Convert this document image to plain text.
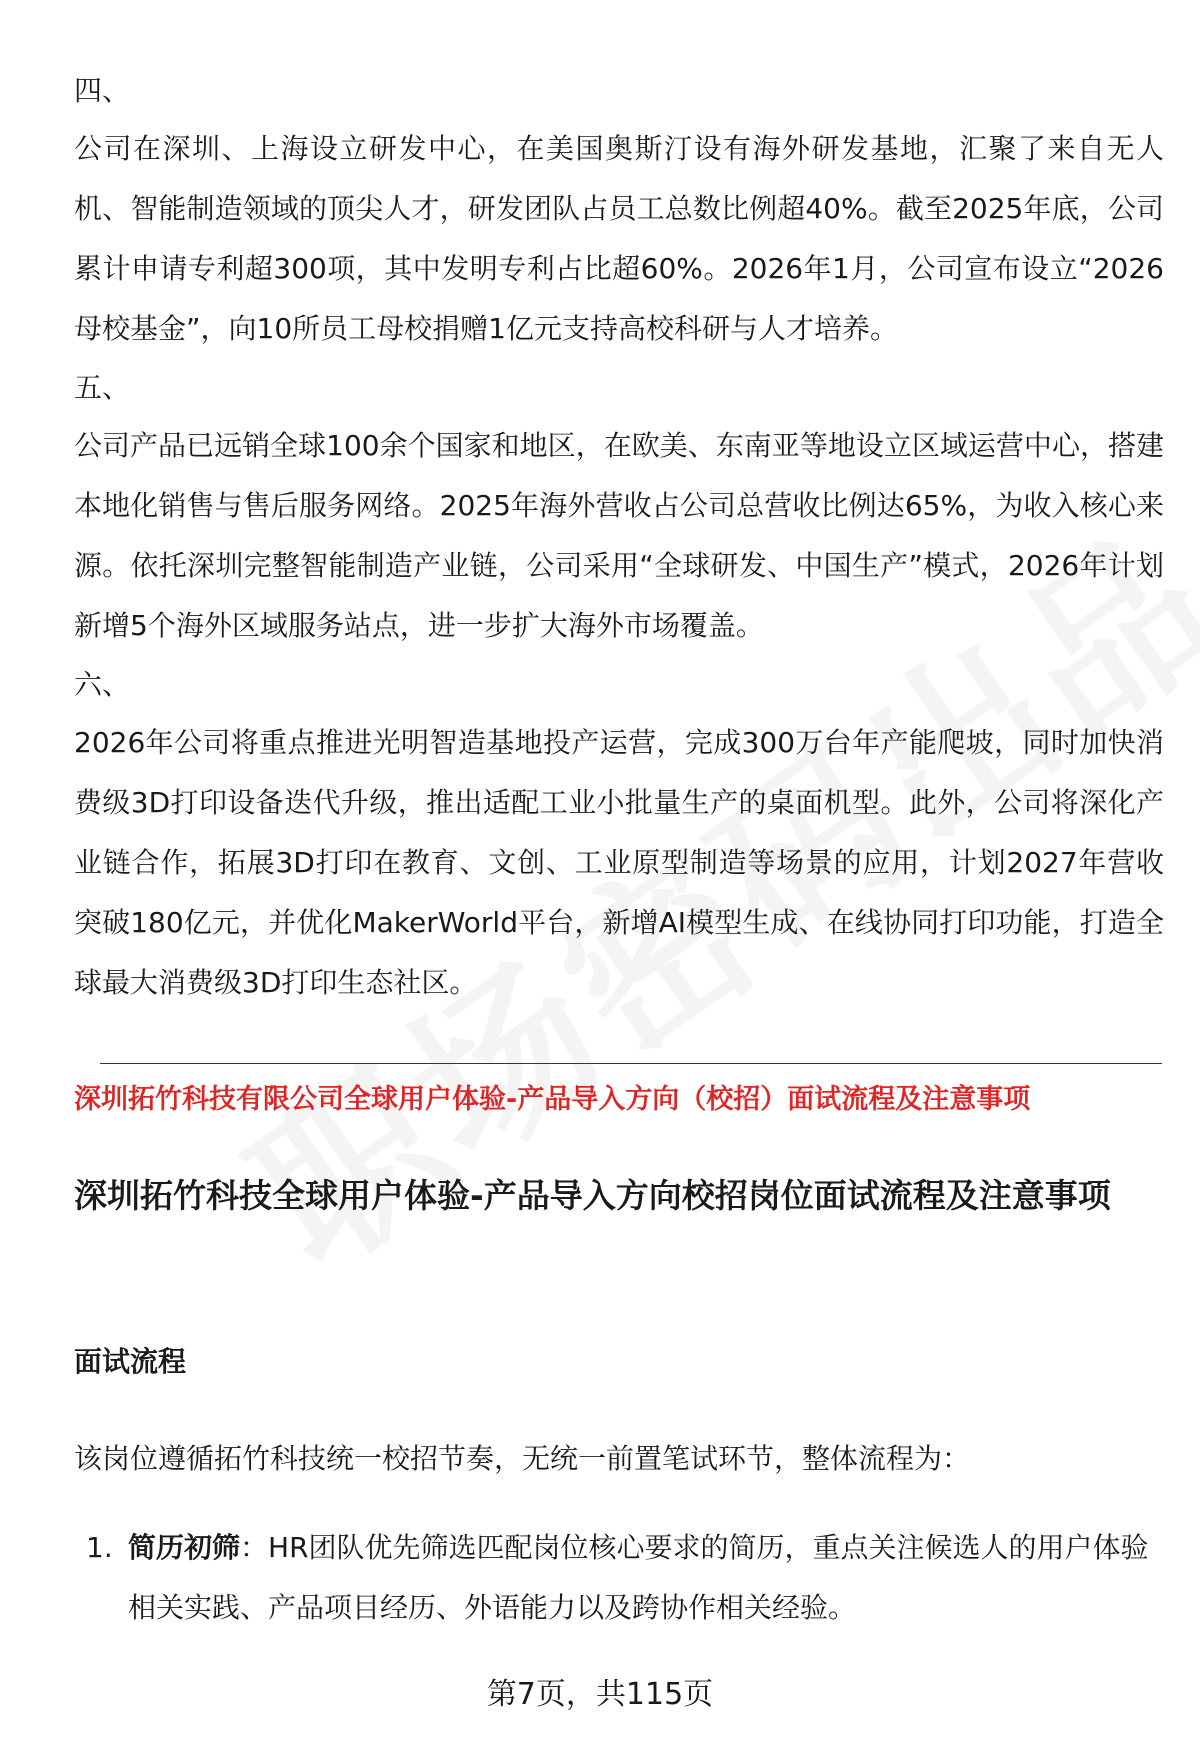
四、

公司在深圳、上海设立研发中心，在美国奥斯汀设有海外研发基地，汇聚了来自无人机、智能制造领域的顶尖人才，研发团队占员工总数比例超40%。截至2025年底，公司累计申请专利超300项，其中发明专利占比超60%。2026年1月，公司宣布设立“2026母校基金”，向10所员工母校捐赠1亿元支持高校科研与人才培养。

五、

公司产品已远销全球100余个国家和地区，在欧美、东南亚等地设立区域运营中心，搭建本地化销售与售后服务网络。2025年海外营收占公司总营收比例达65%，为收入核心来源。依托深圳完整智能制造产业链，公司采用“全球研发、中国生产”模式，2026年计划新增5个海外区域服务站点，进一步扩大海外市场覆盖。

六、

2026年公司将重点推进光明智造基地投产运营，完成300万台年产能爬坡，同时加快消费级3D打印设备迭代升级，推出适配工业小批量生产的桌面机型。此外，公司将深化产业链合作，拓展3D打印在教育、文创、工业原型制造等场景的应用，计划2027年营收突破180亿元，并优化MakerWorld平台，新增AI模型生成、在线协同打印功能，打造全球最大消费级3D打印生态社区。

深圳拓竹科技有限公司全球用户体验-产品导入方向（校招）面试流程及注意事项
深圳拓竹科技全球用户体验-产品导入方向校招岗位面试流程及注意事项
面试流程
该岗位遵循拓竹科技统一校招节奏，无统一前置笔试环节，整体流程为：
1. 简历初筛：HR团队优先筛选匹配岗位核心要求的简历，重点关注候选人的用户体验相关实践、产品项目经历、外语能力以及跨协作相关经验。
第7页，共115页
